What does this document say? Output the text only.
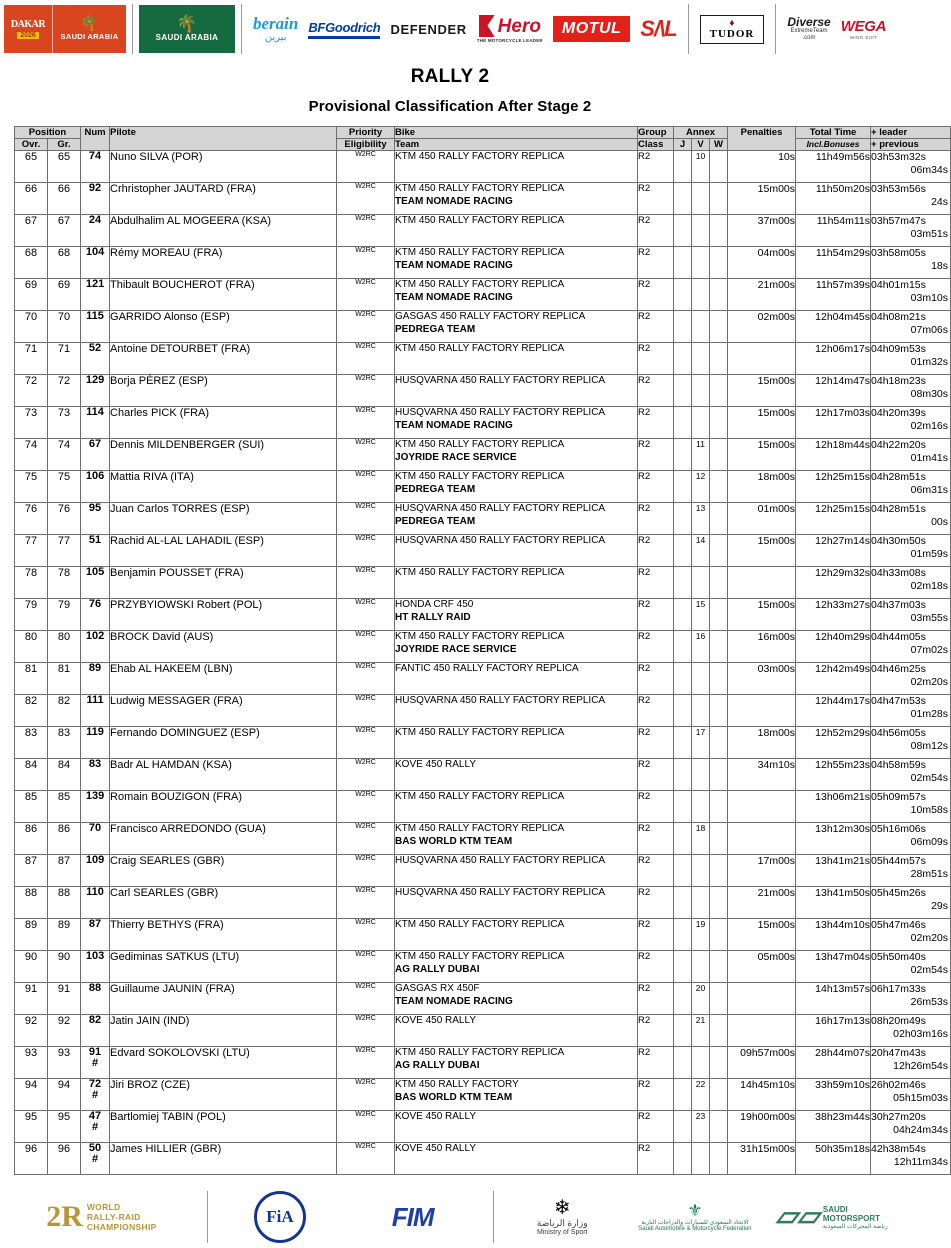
DAKAR
2026
🌴
SAUDI ARABIA
🌴
SAUDI ARABIA
berain
بيرين
BFGoodrich DEFENDER Hero
THE MOTORCYCLE LEADER
MOTUL S/\L	♦
TUDOR
Diverse
ExtremeTeam
.com
WEGA
WING SUIT
RALLY 2
Provisional Classification After Stage 2
Position		Num	Pilote	Priority	Bike	Group	Annex			Penalties	Total Time	+ leader
Ovr.	Gr.			Eligibility	Team	Class	J	V	W		Incl.Bonuses	+ previous
65	65	74	Nuno SILVA (POR)	W2RC	KTM 450 RALLY FACTORY REPLICA	R2		10		10s	11h49m56s	03h53m32s
06m34s

66	66	92	Crhristopher JAUTARD (FRA)	W2RC	KTM 450 RALLY FACTORY REPLICA
TEAM NOMADE RACING	R2				15m00s	11h50m20s	03h53m56s
24s

67	67	24	Abdulhalim AL MOGEERA (KSA)	W2RC	KTM 450 RALLY FACTORY REPLICA	R2				37m00s	11h54m11s	03h57m47s
03m51s

68	68	104	Rémy MOREAU (FRA)	W2RC	KTM 450 RALLY FACTORY REPLICA
TEAM NOMADE RACING	R2				04m00s	11h54m29s	03h58m05s
18s

69	69	121	Thibault BOUCHEROT (FRA)	W2RC	KTM 450 RALLY FACTORY REPLICA
TEAM NOMADE RACING	R2				21m00s	11h57m39s	04h01m15s
03m10s

70	70	115	GARRIDO Alonso (ESP)	W2RC	GASGAS 450 RALLY FACTORY REPLICA
PEDREGA TEAM	R2				02m00s	12h04m45s	04h08m21s
07m06s

71	71	52	Antoine DETOURBET (FRA)	W2RC	KTM 450 RALLY FACTORY REPLICA	R2					12h06m17s	04h09m53s
01m32s

72	72	129	Borja PÉREZ (ESP)	W2RC	HUSQVARNA 450 RALLY FACTORY REPLICA	R2				15m00s	12h14m47s	04h18m23s
08m30s

73	73	114	Charles PICK (FRA)	W2RC	HUSQVARNA 450 RALLY FACTORY REPLICA
TEAM NOMADE RACING	R2				15m00s	12h17m03s	04h20m39s
02m16s

74	74	67	Dennis MILDENBERGER (SUI)	W2RC	KTM 450 RALLY FACTORY REPLICA
JOYRIDE RACE SERVICE	R2		11		15m00s	12h18m44s	04h22m20s
01m41s

75	75	106	Mattia RIVA (ITA)	W2RC	KTM 450 RALLY FACTORY REPLICA
PEDREGA TEAM	R2		12		18m00s	12h25m15s	04h28m51s
06m31s

76	76	95	Juan Carlos TORRES (ESP)	W2RC	HUSQVARNA 450 RALLY FACTORY REPLICA
PEDREGA TEAM	R2		13		01m00s	12h25m15s	04h28m51s
00s

77	77	51	Rachid AL-LAL LAHADIL (ESP)	W2RC	HUSQVARNA 450 RALLY FACTORY REPLICA	R2		14		15m00s	12h27m14s	04h30m50s
01m59s

78	78	105	Benjamin POUSSET (FRA)	W2RC	KTM 450 RALLY FACTORY REPLICA	R2					12h29m32s	04h33m08s
02m18s

79	79	76	PRZYBYIOWSKI Robert (POL)	W2RC	HONDA CRF 450
HT RALLY RAID	R2		15		15m00s	12h33m27s	04h37m03s
03m55s

80	80	102	BROCK David (AUS)	W2RC	KTM 450 RALLY FACTORY REPLICA
JOYRIDE RACE SERVICE	R2		16		16m00s	12h40m29s	04h44m05s
07m02s

81	81	89	Ehab AL HAKEEM (LBN)	W2RC	FANTIC 450 RALLY FACTORY REPLICA	R2				03m00s	12h42m49s	04h46m25s
02m20s

82	82	111	Ludwig MESSAGER (FRA)	W2RC	HUSQVARNA 450 RALLY FACTORY REPLICA	R2					12h44m17s	04h47m53s
01m28s

83	83	119	Fernando DOMINGUEZ (ESP)	W2RC	KTM 450 RALLY FACTORY REPLICA	R2		17		18m00s	12h52m29s	04h56m05s
08m12s

84	84	83	Badr AL HAMDAN (KSA)	W2RC	KOVE 450 RALLY	R2				34m10s	12h55m23s	04h58m59s
02m54s

85	85	139	Romain BOUZIGON (FRA)	W2RC	KTM 450 RALLY FACTORY REPLICA	R2					13h06m21s	05h09m57s
10m58s

86	86	70	Francisco ARREDONDO (GUA)	W2RC	KTM 450 RALLY FACTORY REPLICA
BAS WORLD KTM TEAM	R2		18			13h12m30s	05h16m06s
06m09s

87	87	109	Craig SEARLES (GBR)	W2RC	HUSQVARNA 450 RALLY FACTORY REPLICA	R2				17m00s	13h41m21s	05h44m57s
28m51s

88	88	110	Carl SEARLES (GBR)	W2RC	HUSQVARNA 450 RALLY FACTORY REPLICA	R2				21m00s	13h41m50s	05h45m26s
29s

89	89	87	Thierry BETHYS (FRA)	W2RC	KTM 450 RALLY FACTORY REPLICA	R2		19		15m00s	13h44m10s	05h47m46s
02m20s

90	90	103	Gediminas SATKUS (LTU)	W2RC	KTM 450 RALLY FACTORY REPLICA
AG RALLY DUBAI	R2				05m00s	13h47m04s	05h50m40s
02m54s

91	91	88	Guillaume JAUNIN (FRA)	W2RC	GASGAS RX 450F
TEAM NOMADE RACING	R2		20			14h13m57s	06h17m33s
26m53s

92	92	82	Jatin JAIN (IND)	W2RC	KOVE 450 RALLY	R2		21			16h17m13s	08h20m49s
02h03m16s

93	93	91
#	Edvard SOKOLOVSKI (LTU)	W2RC	KTM 450 RALLY FACTORY REPLICA
AG RALLY DUBAI	R2				09h57m00s	28h44m07s	20h47m43s
12h26m54s

94	94	72
#	Jiri BROZ (CZE)	W2RC	KTM 450 RALLY FACTORY
BAS WORLD KTM TEAM	R2		22		14h45m10s	33h59m10s	26h02m46s
05h15m03s

95	95	47
#	Bartlomiej TABIN (POL)	W2RC	KOVE 450 RALLY	R2		23		19h00m00s	38h23m44s	30h27m20s
04h24m34s

96	96	50
#	James HILLIER (GBR)	W2RC	KOVE 450 RALLY	R2				31h15m00s	50h35m18s	42h38m54s
12h11m34s
2R WORLD
RALLY-RAID
CHAMPIONSHIP
FiA	FIM	❄
وزارة الرياضة
Ministry of Sport
⚜
الاتحاد السعودي للسيارات والدراجات النارية
Saudi Automobile & Motorcycle Federation ▱▱ SAUDI
MOTORSPORT
رياضة المحركات السعودية
